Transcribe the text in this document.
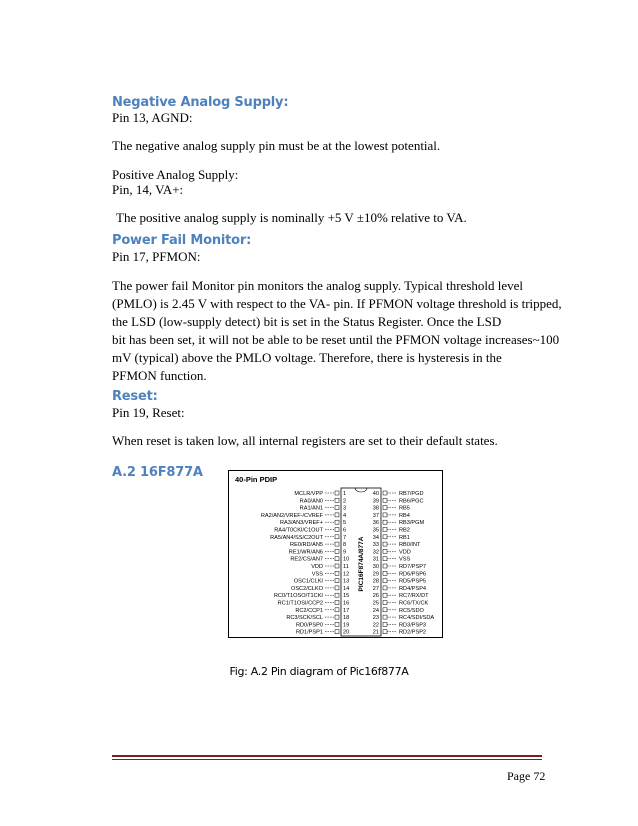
Negative Analog Supply:
Pin 13, AGND:
The negative analog supply pin must be at the lowest potential.
Positive Analog Supply:
Pin, 14, VA+:
The positive analog supply is nominally +5 V ±10% relative to VA.
Power Fail Monitor:
Pin 17, PFMON:
The power fail Monitor pin monitors the analog supply. Typical threshold level
(PMLO) is 2.45 V with respect to the VA- pin. If PFMON voltage threshold is tripped,
the LSD (low-supply detect) bit is set in the Status Register. Once the LSD
bit has been set, it will not be able to be reset until the PFMON voltage increases~100
mV (typical) above the PMLO voltage. Therefore, there is hysteresis in the
PFMON function.
Reset:
Pin 19, Reset:
When reset is taken low, all internal registers are set to their default states.
A.2 16F877A	40-Pin PDIP
PIC16F874A/877A
MCLR/VPP	1
RA0/AN0	2
RA1/AN1	3
RA2/AN2/VREF-/CVREF	4
RA3/AN3/VREF+	5
RA4/T0CKI/C1OUT	6
RA5/AN4/SS/C2OUT	7
RE0/RD/AN5	8
RE1/WR/AN6	9
RE2/CS/AN7	10
VDD	11
VSS	12
OSC1/CLKI	13
OSC2/CLKO	14
RC0/T1OSO/T1CKI	15
RC1/T1OSI/CCP2	16
RC2/CCP1	17
RC3/SCK/SCL	18
RD0/PSP0	19
RD1/PSP1	20
40	RB7/PGD
39	RB6/PGC
38	RB5
37	RB4
36	RB3/PGM
35	RB2
34	RB1
33	RB0/INT
32	VDD
31	VSS
30	RD7/PSP7
29	RD6/PSP6
28	RD5/PSP5
27	RD4/PSP4
26	RC7/RX/DT
25	RC6/TX/CK
24	RC5/SDO
23	RC4/SDI/SDA
22	RD3/PSP3
21	RD2/PSP2
Fig: A.2 Pin diagram of Pic16f877A
Page 72
